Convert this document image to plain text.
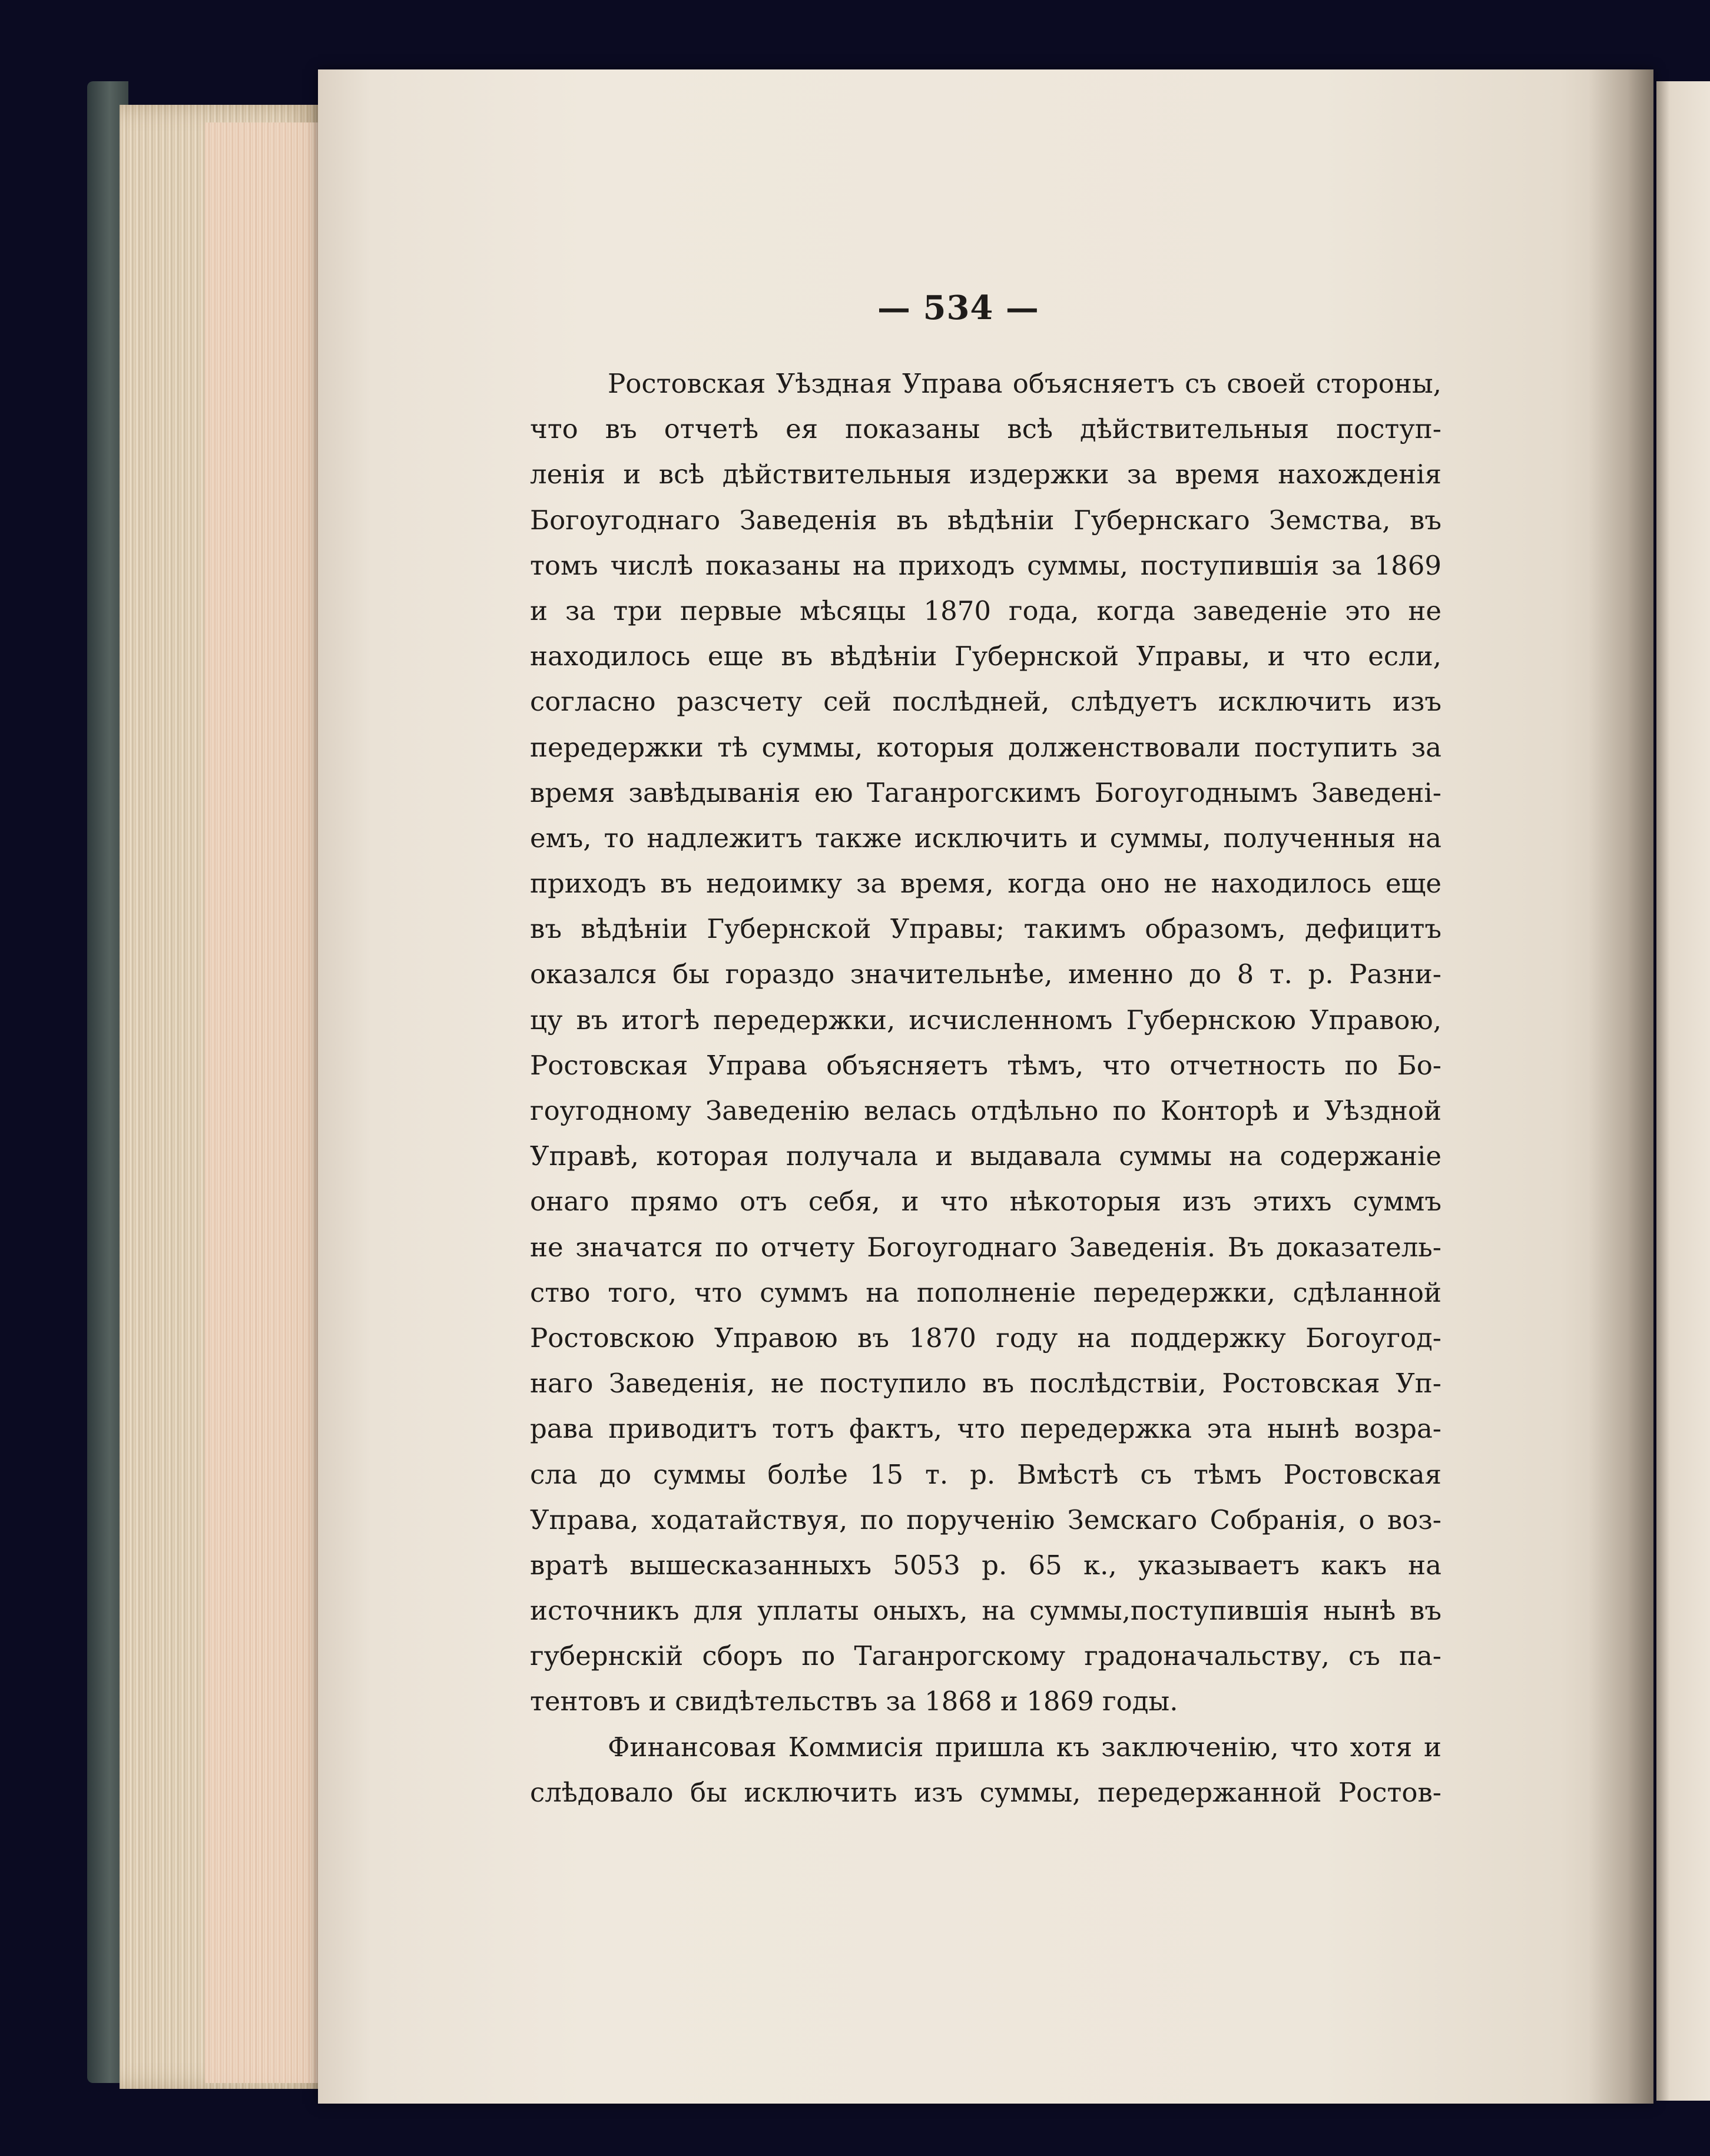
— 534 —
Ростовская Уѣздная Управа объясняетъ съ своей стороны,
что въ отчетѣ ея показаны всѣ дѣйствительныя поступ-
ленія и всѣ дѣйствительныя издержки за время нахожденія
Богоугоднаго Заведенія въ вѣдѣніи Губернскаго Земства, въ
томъ числѣ показаны на приходъ суммы, поступившія за 1869
и за три первые мѣсяцы 1870 года, когда заведеніе это не
находилось еще въ вѣдѣніи Губернской Управы, и что если,
согласно разсчету сей послѣдней, слѣдуетъ исключить изъ
передержки тѣ суммы, которыя долженствовали поступить за
время завѣдыванія ею Таганрогскимъ Богоугоднымъ Заведені-
емъ, то надлежитъ также исключить и суммы, полученныя на
приходъ въ недоимку за время, когда оно не находилось еще
въ вѣдѣніи Губернской Управы; такимъ образомъ, дефицитъ
оказался бы гораздо значительнѣе, именно до 8 т. р. Разни-
цу въ итогѣ передержки, исчисленномъ Губернскою Управою,
Ростовская Управа объясняетъ тѣмъ, что отчетность по Бо-
гоугодному Заведенію велась отдѣльно по Конторѣ и Уѣздной
Управѣ, которая получала и выдавала суммы на содержаніе
онаго прямо отъ себя, и что нѣкоторыя изъ этихъ суммъ
не значатся по отчету Богоугоднаго Заведенія. Въ доказатель-
ство того, что суммъ на пополненіе передержки, сдѣланной
Ростовскою Управою въ 1870 году на поддержку Богоугод-
наго Заведенія, не поступило въ послѣдствіи, Ростовская Уп-
рава приводитъ тотъ фактъ, что передержка эта нынѣ возра-
сла до суммы болѣе 15 т. р. Вмѣстѣ съ тѣмъ Ростовская
Управа, ходатайствуя, по порученію Земскаго Собранія, о воз-
вратѣ вышесказанныхъ 5053 р. 65 к., указываетъ какъ на
источникъ для уплаты оныхъ, на суммы,поступившія нынѣ въ
губернскій сборъ по Таганрогскому градоначальству, съ па-
тентовъ и свидѣтельствъ за 1868 и 1869 годы.
Финансовая Коммисія пришла къ заключенію, что хотя и
слѣдовало бы исключить изъ суммы, передержанной Ростов-
